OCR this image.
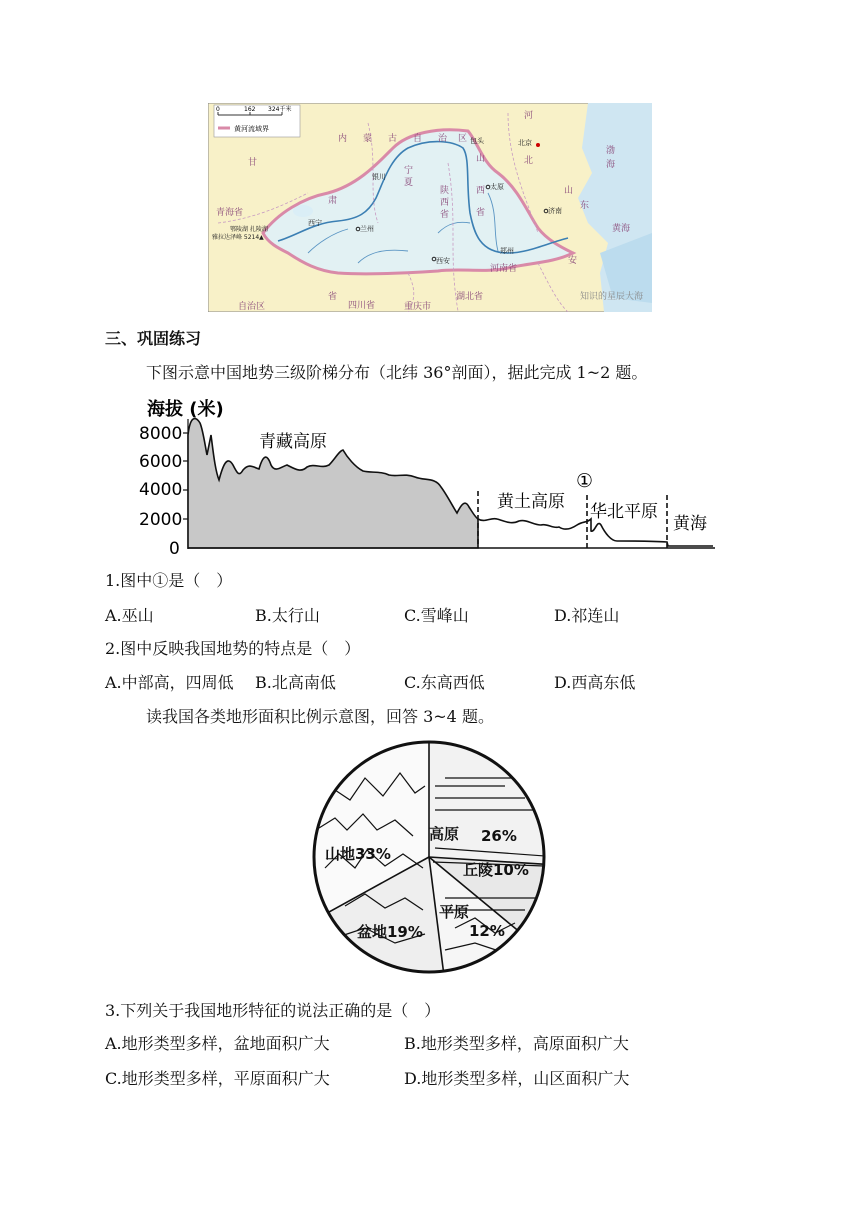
0	162 324千米
黄河流域界
内 蒙 古 自 治 区
甘
肃
青海省
宁
夏
陕
西
省
山
西
省
河
北
河南省
山
东
湖北省
省
四川省	重庆市
自治区
渤
海
黄海
安
北京
太原
济南
银川
西宁
兰州
西安
郑州
包头
鄂陵湖 扎陵湖
雅拉达泽峰 5214▲
知识的星辰大海
三、巩固练习
下图示意中国地势三级阶梯分布（北纬 36°剖面），据此完成 1~2 题。
海拔 (米)
8000
6000
4000
2000
0
青藏高原
黄土高原
①
华北平原
黄海
1.图中①是（　）
A.巫山	B.太行山	C.雪峰山	D.祁连山
2.图中反映我国地势的特点是（　）
A.中部高，四周低 B.北高南低	C.东高西低	D.西高东低
读我国各类地形面积比例示意图，回答 3~4 题。
高原 26%
山地33%
丘陵10%
平原
12%
盆地19%
3.下列关于我国地形特征的说法正确的是（　）
A.地形类型多样，盆地面积广大	B.地形类型多样，高原面积广大
C.地形类型多样，平原面积广大	D.地形类型多样，山区面积广大
